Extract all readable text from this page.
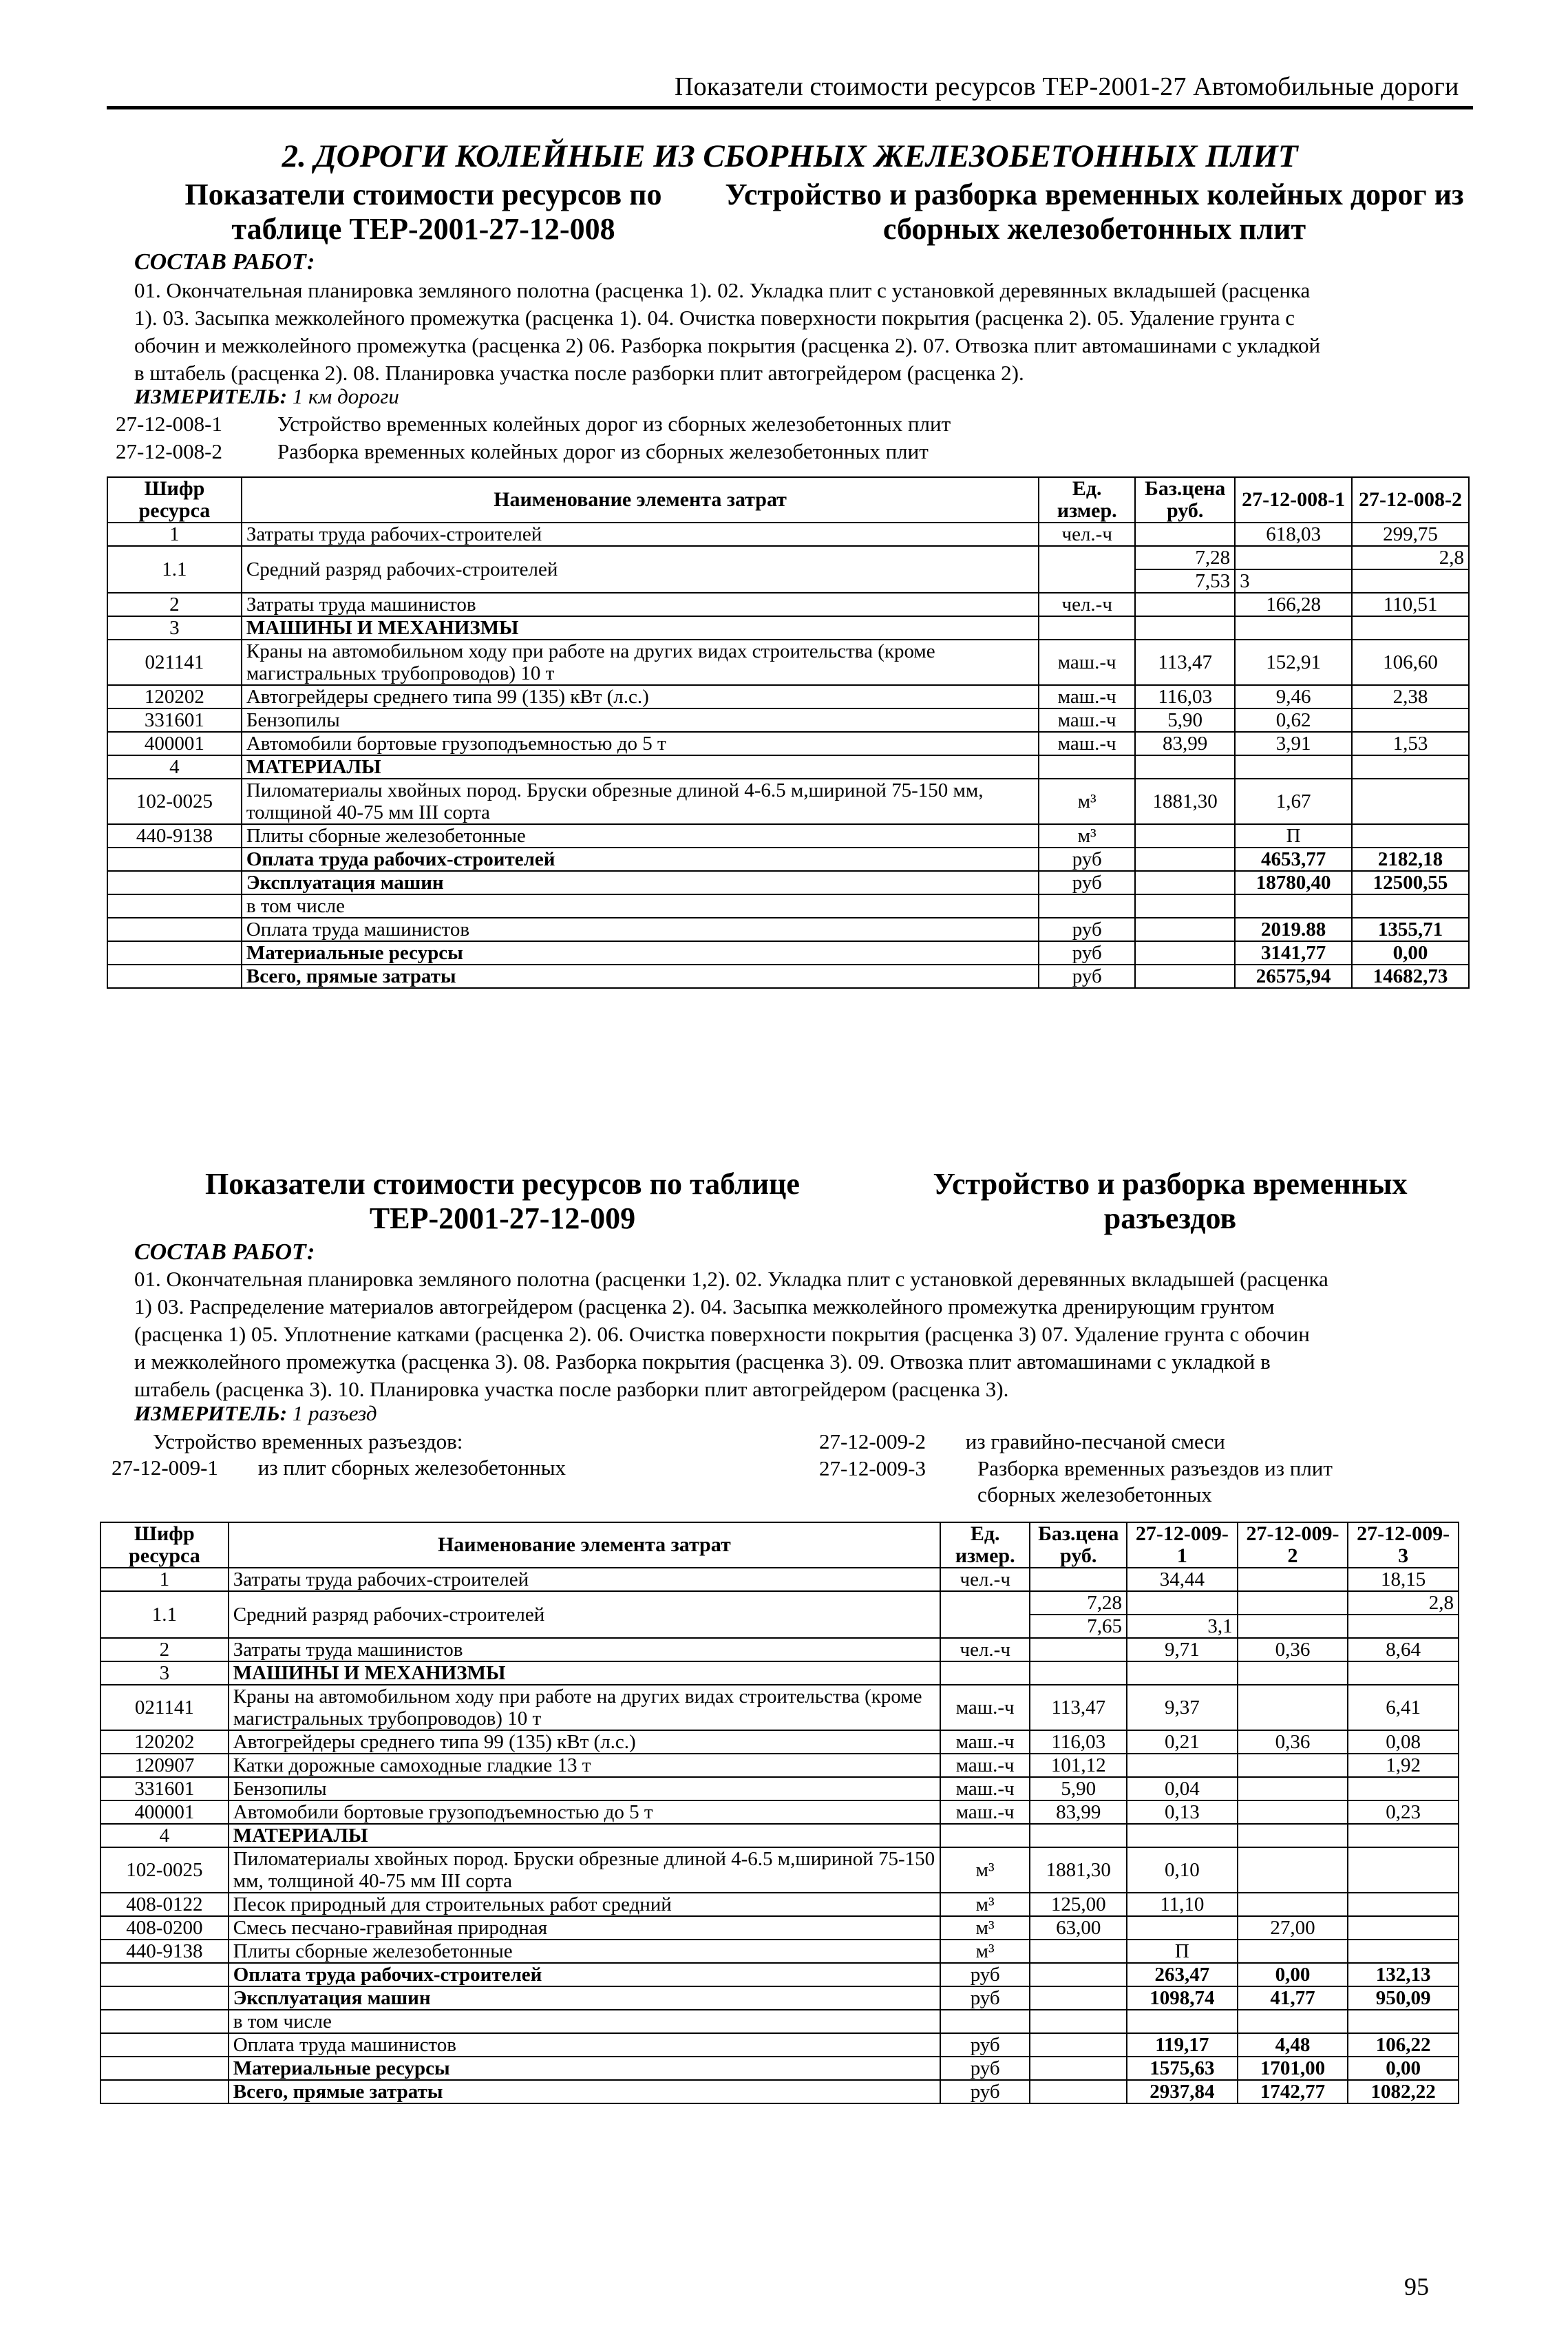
Показатели стоимости ресурсов ТЕР-2001-27 Автомобильные дороги
2. ДОРОГИ КОЛЕЙНЫЕ ИЗ СБОРНЫХ ЖЕЛЕЗОБЕТОННЫХ ПЛИТ
Показатели стоимости ресурсов по
таблице ТЕР-2001-27-12-008
Устройство и разборка временных колейных дорог из
сборных железобетонных плит
СОСТАВ РАБОТ:
01. Окончательная планировка земляного полотна (расценка 1). 02. Укладка плит с установкой деревянных вкладышей (расценка
1). 03. Засыпка межколейного промежутка (расценка 1). 04. Очистка поверхности покрытия (расценка 2). 05. Удаление грунта с
обочин и межколейного промежутка (расценка 2) 06. Разборка покрытия (расценка 2). 07. Отвозка плит автомашинами с укладкой
в штабель (расценка 2). 08. Планировка участка после разборки плит автогрейдером (расценка 2).
ИЗМЕРИТЕЛЬ: 1 км дороги
27-12-008-1	Устройство временных колейных дорог из сборных железобетонных плит
27-12-008-2	Разборка временных колейных дорог из сборных железобетонных плит
Шифр ресурса	Наименование элемента затрат	Ед. измер.	Баз.цена руб.	27-12-008-1	27-12-008-2
1	Затраты труда рабочих-строителей	чел.-ч		618,03	299,75
1.1	Средний разряд рабочих-строителей		7,28		2,8
			7,53	3	
2	Затраты труда машинистов	чел.-ч		166,28	110,51
3	МАШИНЫ И МЕХАНИЗМЫ				
021141	Краны на автомобильном ходу при работе на других видах строительства (кроме магистральных трубопроводов) 10 т	маш.-ч	113,47	152,91	106,60
120202	Автогрейдеры среднего типа 99 (135) кВт (л.с.)	маш.-ч	116,03	9,46	2,38
331601	Бензопилы	маш.-ч	5,90	0,62	
400001	Автомобили бортовые грузоподъемностью до 5 т	маш.-ч	83,99	3,91	1,53
4	МАТЕРИАЛЫ				
102-0025	Пиломатериалы хвойных пород. Бруски обрезные длиной 4-6.5 м,шириной 75-150 мм, толщиной 40-75 мм III сорта	м³	1881,30	1,67	
440-9138	Плиты сборные железобетонные	м³		П	
	Оплата труда рабочих-строителей	руб		4653,77	2182,18
	Эксплуатация машин	руб		18780,40	12500,55
	в том числе				
	Оплата труда машинистов	руб		2019.88	1355,71
	Материальные ресурсы	руб		3141,77	0,00
	Всего, прямые затраты	руб		26575,94	14682,73
Показатели стоимости ресурсов по таблице
ТЕР-2001-27-12-009
Устройство и разборка временных
разъездов
СОСТАВ РАБОТ:
01. Окончательная планировка земляного полотна (расценки 1,2). 02. Укладка плит с установкой деревянных вкладышей (расценка
1) 03. Распределение материалов автогрейдером (расценка 2). 04. Засыпка межколейного промежутка дренирующим грунтом
(расценка 1) 05. Уплотнение катками (расценка 2). 06. Очистка поверхности покрытия (расценка 3) 07. Удаление грунта с обочин
и межколейного промежутка (расценка 3). 08. Разборка покрытия (расценка 3). 09. Отвозка плит автомашинами с укладкой в
штабель (расценка 3). 10. Планировка участка после разборки плит автогрейдером (расценка 3).
ИЗМЕРИТЕЛЬ: 1 разъезд
Устройство временных разъездов:
27-12-009-1 из плит сборных железобетонных
27-12-009-2 из гравийно-песчаной смеси
27-12-009-3 Разборка временных разъездов из плит сборных железобетонных
Шифр ресурса	Наименование элемента затрат	Ед. измер.	Баз.цена руб.	27-12-009-1	27-12-009-2	27-12-009-3
1	Затраты труда рабочих-строителей	чел.-ч		34,44		18,15
1.1	Средний разряд рабочих-строителей		7,28			2,8
			7,65	3,1		
2	Затраты труда машинистов	чел.-ч		9,71	0,36	8,64
3	МАШИНЫ И МЕХАНИЗМЫ					
021141	Краны на автомобильном ходу при работе на других видах строительства (кроме магистральных трубопроводов) 10 т	маш.-ч	113,47	9,37		6,41
120202	Автогрейдеры среднего типа 99 (135) кВт (л.с.)	маш.-ч	116,03	0,21	0,36	0,08
120907	Катки дорожные самоходные гладкие 13 т	маш.-ч	101,12			1,92
331601	Бензопилы	маш.-ч	5,90	0,04		
400001	Автомобили бортовые грузоподъемностью до 5 т	маш.-ч	83,99	0,13		0,23
4	МАТЕРИАЛЫ					
102-0025	Пиломатериалы хвойных пород. Бруски обрезные длиной 4-6.5 м,шириной 75-150 мм, толщиной 40-75 мм III сорта	м³	1881,30	0,10		
408-0122	Песок природный для строительных работ средний	м³	125,00	11,10		
408-0200	Смесь песчано-гравийная природная	м³	63,00		27,00	
440-9138	Плиты сборные железобетонные	м³		П		
	Оплата труда рабочих-строителей	руб		263,47	0,00	132,13
	Эксплуатация машин	руб		1098,74	41,77	950,09
	в том числе					
	Оплата труда машинистов	руб		119,17	4,48	106,22
	Материальные ресурсы	руб		1575,63	1701,00	0,00
	Всего, прямые затраты	руб		2937,84	1742,77	1082,22
95
